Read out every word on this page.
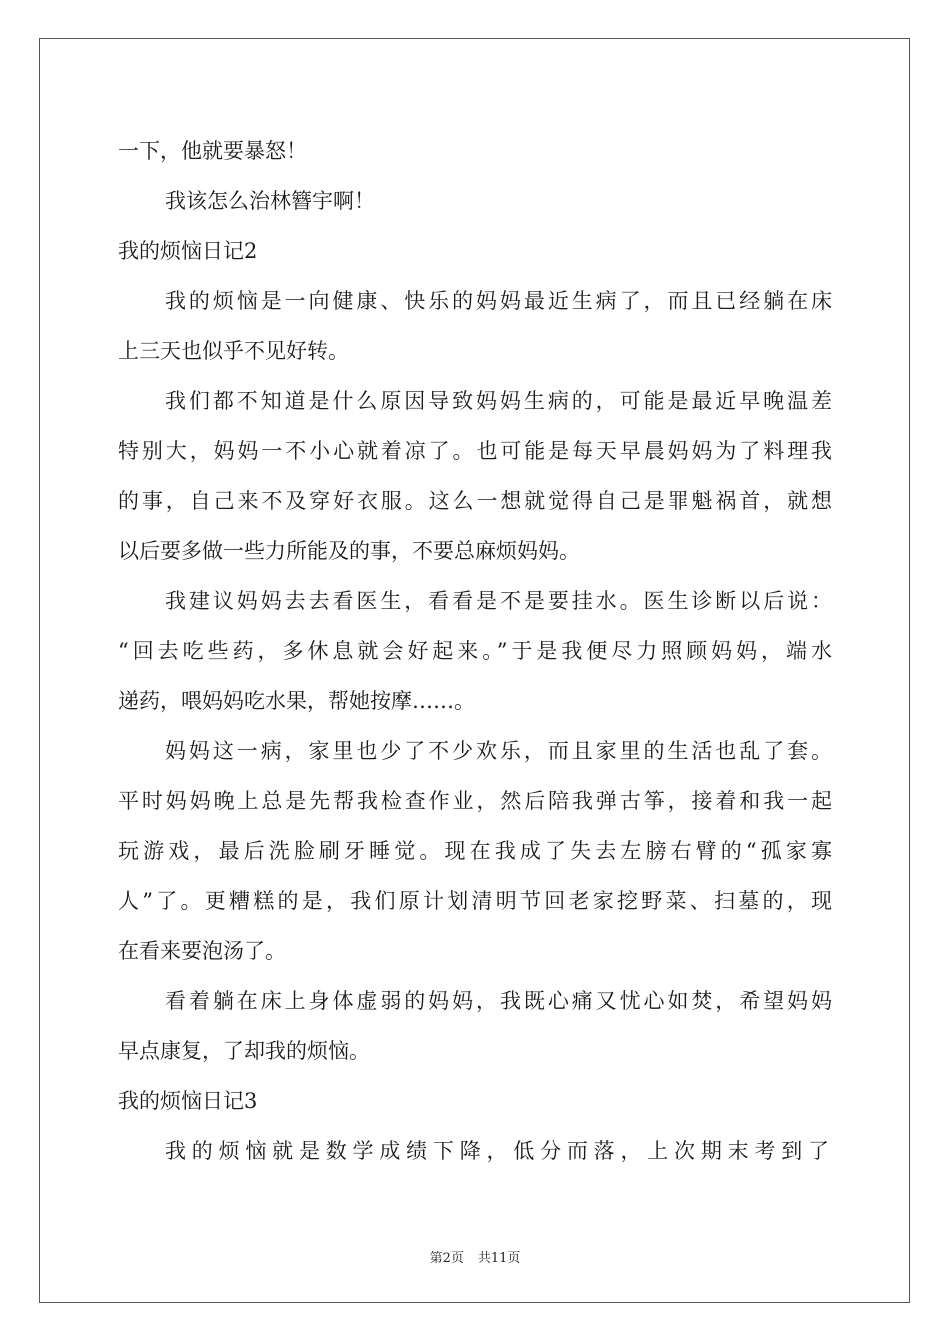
一下，他就要暴怒！
我该怎么治林簪宇啊！
我的烦恼日记2
我的烦恼是一向健康、快乐的妈妈最近生病了，而且已经躺在床
上三天也似乎不见好转。
我们都不知道是什么原因导致妈妈生病的，可能是最近早晚温差
特别大，妈妈一不小心就着凉了。也可能是每天早晨妈妈为了料理我
的事，自己来不及穿好衣服。这么一想就觉得自己是罪魁祸首，就想
以后要多做一些力所能及的事，不要总麻烦妈妈。
我建议妈妈去去看医生，看看是不是要挂水。医生诊断以后说：
“回去吃些药，多休息就会好起来。”于是我便尽力照顾妈妈，端水
递药，喂妈妈吃水果，帮她按摩……。
妈妈这一病，家里也少了不少欢乐，而且家里的生活也乱了套。
平时妈妈晚上总是先帮我检查作业，然后陪我弹古筝，接着和我一起
玩游戏，最后洗脸刷牙睡觉。现在我成了失去左膀右臂的“孤家寡
人”了。更糟糕的是，我们原计划清明节回老家挖野菜、扫墓的，现
在看来要泡汤了。
看着躺在床上身体虚弱的妈妈，我既心痛又忧心如焚，希望妈妈
早点康复，了却我的烦恼。
我的烦恼日记3
我的烦恼就是数学成绩下降，低分而落，上次期末考到了
第2页 共11页
